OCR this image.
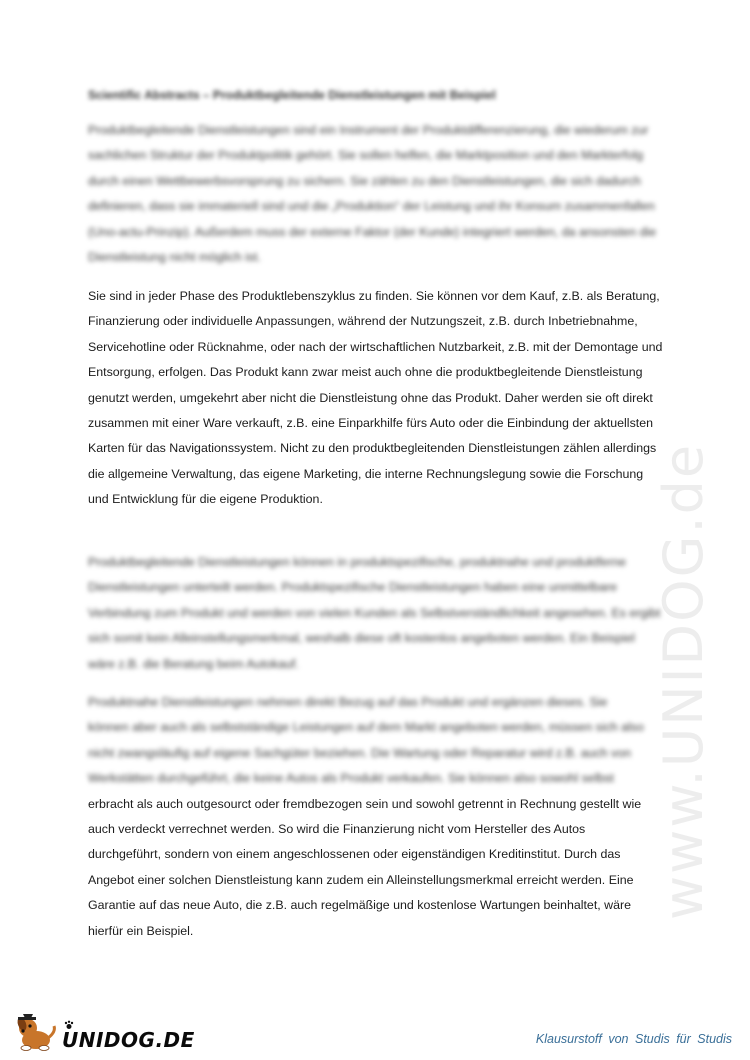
www.UNIDOG.de
Scientific Abstracts – Produktbegleitende Dienstleistungen mit Beispiel

Produktbegleitende Dienstleistungen sind ein Instrument der Produktdifferenzierung, die wiederum zur sachlichen Struktur der Produktpolitik gehört. Sie sollen helfen, die Marktposition und den Markterfolg durch einen Wettbewerbsvorsprung zu sichern. Sie zählen zu den Dienstleistungen, die sich dadurch definieren, dass sie immateriell sind und die „Produktion“ der Leistung und ihr Konsum zusammenfallen (Uno-actu-Prinzip). Außerdem muss der externe Faktor (der Kunde) integriert werden, da ansonsten die Dienstleistung nicht möglich ist.

Sie sind in jeder Phase des Produktlebenszyklus zu finden. Sie können vor dem Kauf, z.B. als Beratung, Finanzierung oder individuelle Anpassungen, während der Nutzungszeit, z.B. durch Inbetriebnahme, Servicehotline oder Rücknahme, oder nach der wirtschaftlichen Nutzbarkeit, z.B. mit der Demontage und Entsorgung, erfolgen. Das Produkt kann zwar meist auch ohne die produktbegleitende Dienstleistung genutzt werden, umgekehrt aber nicht die Dienstleistung ohne das Produkt. Daher werden sie oft direkt zusammen mit einer Ware verkauft, z.B. eine Einparkhilfe fürs Auto oder die Einbindung der aktuellsten Karten für das Navigationssystem. Nicht zu den produktbegleitenden Dienstleistungen zählen allerdings die allgemeine Verwaltung, das eigene Marketing, die interne Rechnungslegung sowie die Forschung und Entwicklung für die eigene Produktion.

Produktbegleitende Dienstleistungen können in produktspezifische, produktnahe und produktferne Dienstleistungen unterteilt werden. Produktspezifische Dienstleistungen haben eine unmittelbare Verbindung zum Produkt und werden von vielen Kunden als Selbstverständlichkeit angesehen. Es ergibt sich somit kein Alleinstellungsmerkmal, weshalb diese oft kostenlos angeboten werden. Ein Beispiel wäre z.B. die Beratung beim Autokauf.

Produktnahe Dienstleistungen nehmen direkt Bezug auf das Produkt und ergänzen dieses. Sie
können aber auch als selbstständige Leistungen auf dem Markt angeboten werden, müssen sich also
nicht zwangsläufig auf eigene Sachgüter beziehen. Die Wartung oder Reparatur wird z.B. auch von
Werkstätten durchgeführt, die keine Autos als Produkt verkaufen. Sie können also sowohl selbst
erbracht als auch outgesourct oder fremdbezogen sein und sowohl getrennt in Rechnung gestellt wie
auch verdeckt verrechnet werden. So wird die Finanzierung nicht vom Hersteller des Autos
durchgeführt, sondern von einem angeschlossenen oder eigenständigen Kreditinstitut. Durch das
Angebot einer solchen Dienstleistung kann zudem ein Alleinstellungsmerkmal erreicht werden. Eine
Garantie auf das neue Auto, die z.B. auch regelmäßige und kostenlose Wartungen beinhaltet, wäre
hierfür ein Beispiel.

UNIDOG.DE	Klausurstoff von Studis für Studis
